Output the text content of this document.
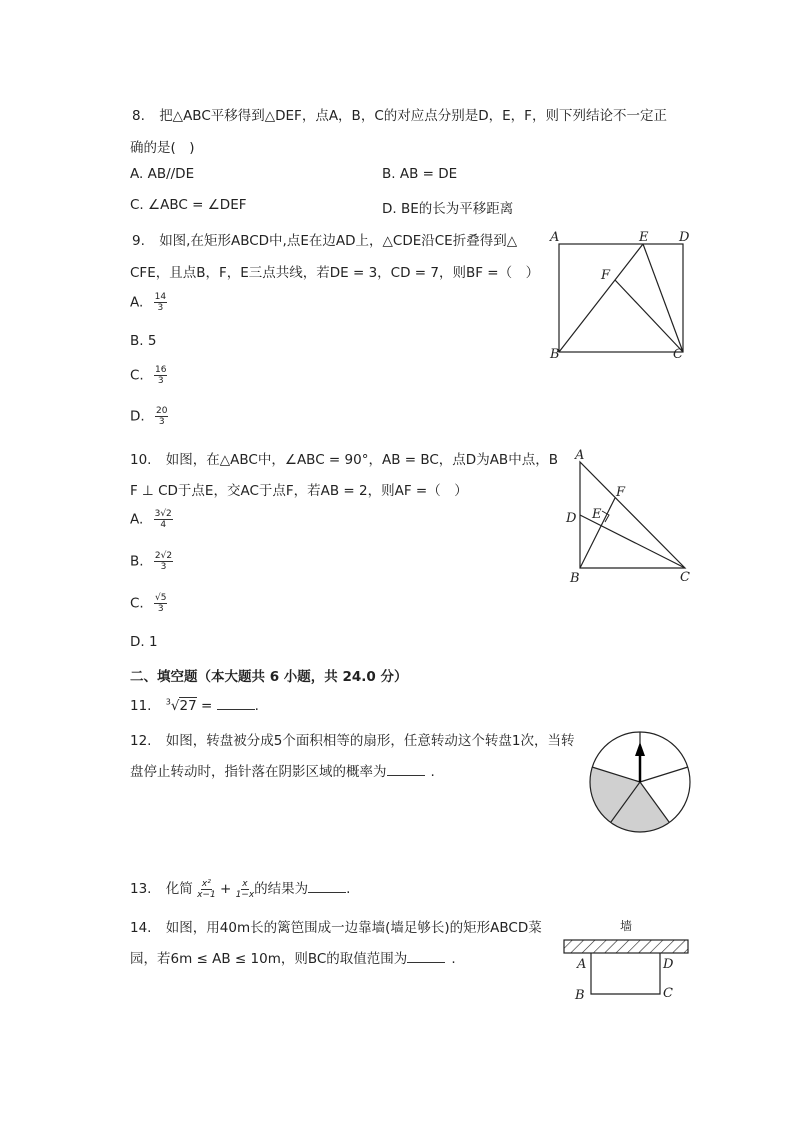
8. 把△ABC平移得到△DEF，点A，B，C的对应点分别是D，E，F，则下列结论不一定正
确的是(　)
A. AB//DE	B. AB = DE
C. ∠ABC = ∠DEF	D. BE的长为平移距离
9. 如图,在矩形ABCD中,点E在边AD上，△CDE沿CE折叠得到△
CFE，且点B，F，E三点共线，若DE = 3，CD = 7，则BF =（　）
A. $\frac{14}{3}$
B. 5
C. $\frac{16}{3}$
D. $\frac{20}{3}$
A	E D
F
B	C
10. 如图，在△ABC中，∠ABC = 90°，AB = BC，点D为AB中点，B
F ⊥ CD于点E，交AC于点F，若AB = 2，则AF =（　）
A. $\frac{3√2}{4}$
B. $\frac{2√2}{3}$
C. $\frac{√5}{3}$
D. 1
A
F
D E
B	C
二、填空题（本大题共 6 小题，共 24.0 分）
11. $^3$√27 =	.
12. 如图，转盘被分成5个面积相等的扇形，任意转动这个转盘1次，当转
盘停止转动时，指针落在阴影区域的概率为	.
13. 化简 $\frac{\text{x²}}{x-1} + \frac{x}{1-x}$ 的结果为	.
14. 如图，用40m长的篱笆围成一边靠墙(墙足够长)的矩形ABCD菜
园，若6m ≤ AB ≤ 10m，则BC的取值范围为	.
墙
A	D
B	C
